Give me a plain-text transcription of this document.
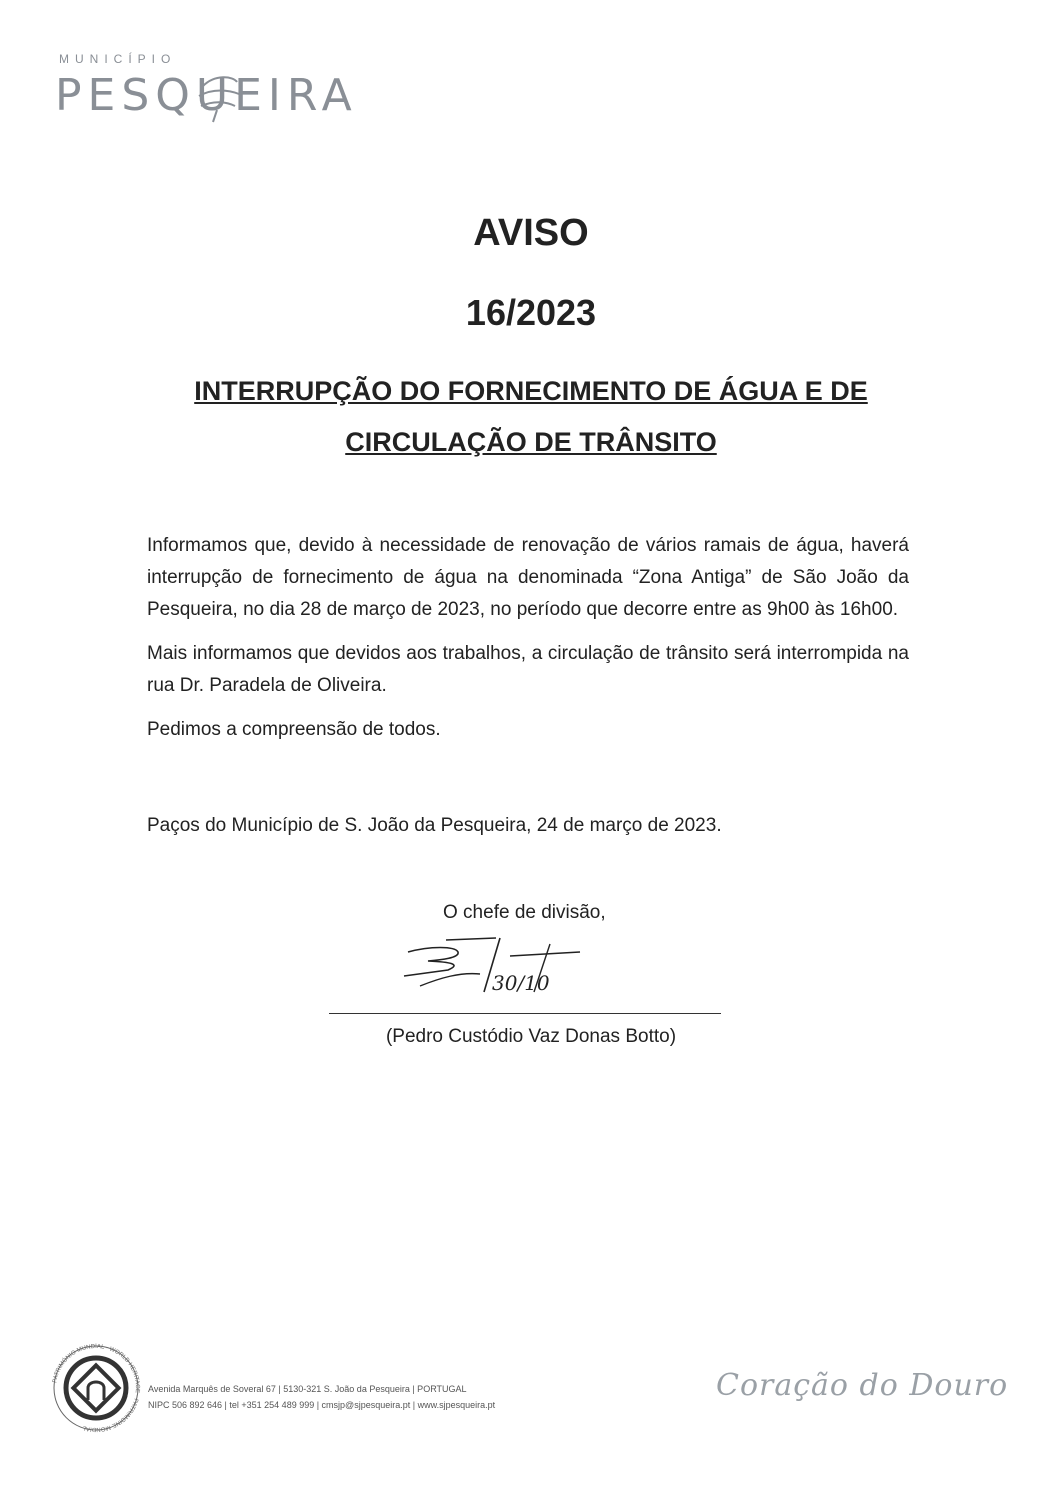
MUNICÍPIO
PESQUEIRA
AVISO
16/2023
INTERRUPÇÃO DO FORNECIMENTO DE ÁGUA E DE
CIRCULAÇÃO DE TRÂNSITO

Informamos que, devido à necessidade de renovação de vários ramais de água, haverá interrupção de fornecimento de água na denominada “Zona Antiga” de São João da Pesqueira, no dia 28 de março de 2023, no período que decorre entre as 9h00 às 16h00.

Mais informamos que devidos aos trabalhos, a circulação de trânsito será interrompida na rua Dr. Paradela de Oliveira.

Pedimos a compreensão de todos.

Paços do Município de S. João da Pesqueira, 24 de março de 2023.
O chefe de divisão,
30/10
(Pedro Custódio Vaz Donas Botto)
PATRIMÓNIO MUNDIAL · WORLD HERITAGE · PATRIMOINE MONDIAL
Avenida Marquês de Soveral 67 | 5130-321 S. João da Pesqueira | PORTUGAL
NIPC 506 892 646 | tel +351 254 489 999 | cmsjp@sjpesqueira.pt | www.sjpesqueira.pt
Coração do Douro
